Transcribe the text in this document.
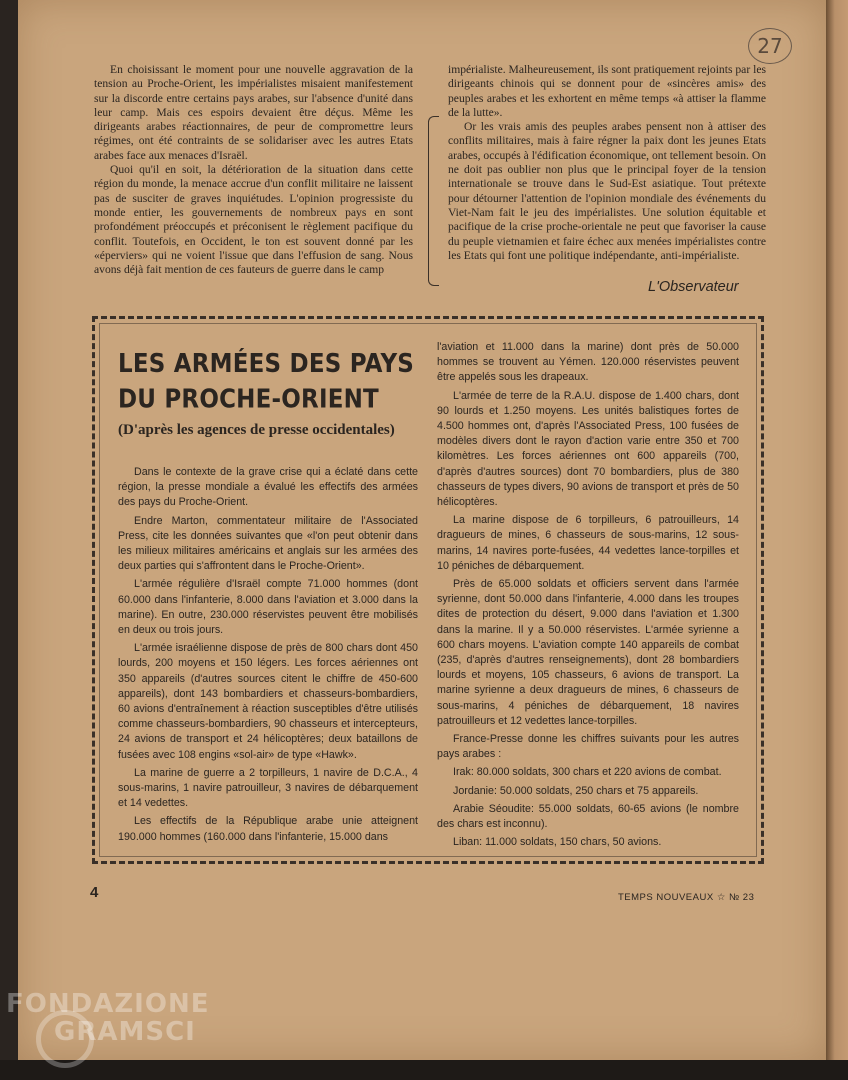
27

En choisissant le moment pour une nouvelle aggravation de la tension au Proche-Orient, les impérialistes misaient manifestement sur la discorde entre certains pays arabes, sur l'absence d'unité dans leur camp. Mais ces espoirs devaient être déçus. Même les dirigeants arabes réactionnaires, de peur de compromettre leurs régimes, ont été contraints de se solidariser avec les autres Etats arabes face aux menaces d'Israël.

Quoi qu'il en soit, la détérioration de la situation dans cette région du monde, la menace accrue d'un conflit militaire ne laissent pas de susciter de graves inquiétudes. L'opinion progressiste du monde entier, les gouvernements de nombreux pays en sont profondément préoccupés et préconisent le règlement pacifique du conflit. Toutefois, en Occident, le ton est souvent donné par les «éperviers» qui ne voient l'issue que dans l'effusion de sang. Nous avons déjà fait mention de ces fauteurs de guerre dans le camp

impérialiste. Malheureusement, ils sont pratiquement rejoints par les dirigeants chinois qui se donnent pour de «sincères amis» des peuples arabes et les exhortent en même temps «à attiser la flamme de la lutte».

Or les vrais amis des peuples arabes pensent non à attiser des conflits militaires, mais à faire régner la paix dont les jeunes Etats arabes, occupés à l'édification économique, ont tellement besoin. On ne doit pas oublier non plus que le principal foyer de la tension internationale se trouve dans le Sud-Est asiatique. Tout prétexte pour détourner l'attention de l'opinion mondiale des événements du Viet-Nam fait le jeu des impérialistes. Une solution équitable et pacifique de la crise proche-orientale ne peut que favoriser la cause du peuple vietnamien et faire échec aux menées impérialistes contre les Etats qui font une politique indépendante, anti-impérialiste.

L'Observateur
LES ARMÉES DES PAYS
DU PROCHE-ORIENT
(D'après les agences de presse occidentales)

Dans le contexte de la grave crise qui a éclaté dans cette région, la presse mondiale a évalué les effectifs des armées des pays du Proche-Orient.

Endre Marton, commentateur militaire de l'Associated Press, cite les données suivantes que «l'on peut obtenir dans les milieux militaires américains et anglais sur les armées des deux parties qui s'affrontent dans le Proche-Orient».

L'armée régulière d'Israël compte 71.000 hommes (dont 60.000 dans l'infanterie, 8.000 dans l'aviation et 3.000 dans la marine). En outre, 230.000 réservistes peuvent être mobilisés en deux ou trois jours.

L'armée israélienne dispose de près de 800 chars dont 450 lourds, 200 moyens et 150 légers. Les forces aériennes ont 350 appareils (d'autres sources citent le chiffre de 450-600 appareils), dont 143 bombardiers et chasseurs-bombardiers, 60 avions d'entraînement à réaction susceptibles d'être utilisés comme chasseurs-bombardiers, 90 chasseurs et intercepteurs, 24 avions de transport et 24 hélicoptères; deux bataillons de fusées avec 108 engins «sol-air» de type «Hawk».

La marine de guerre a 2 torpilleurs, 1 navire de D.C.A., 4 sous-marins, 1 navire patrouilleur, 3 navires de débarquement et 14 vedettes.

Les effectifs de la République arabe unie atteignent 190.000 hommes (160.000 dans l'infanterie, 15.000 dans

l'aviation et 11.000 dans la marine) dont près de 50.000 hommes se trouvent au Yémen. 120.000 réservistes peuvent être appelés sous les drapeaux.

L'armée de terre de la R.A.U. dispose de 1.400 chars, dont 90 lourds et 1.250 moyens. Les unités balistiques fortes de 4.500 hommes ont, d'après l'Associated Press, 100 fusées de modèles divers dont le rayon d'action varie entre 350 et 700 kilomètres. Les forces aériennes ont 600 appareils (700, d'après d'autres sources) dont 70 bombardiers, plus de 380 chasseurs de types divers, 90 avions de transport et près de 50 hélicoptères.

La marine dispose de 6 torpilleurs, 6 patrouilleurs, 14 dragueurs de mines, 6 chasseurs de sous-marins, 12 sous-marins, 14 navires porte-fusées, 44 vedettes lance-torpilles et 10 péniches de débarquement.

Près de 65.000 soldats et officiers servent dans l'armée syrienne, dont 50.000 dans l'infanterie, 4.000 dans les troupes dites de protection du désert, 9.000 dans l'aviation et 1.300 dans la marine. Il y a 50.000 réservistes. L'armée syrienne a 600 chars moyens. L'aviation compte 140 appareils de combat (235, d'après d'autres renseignements), dont 28 bombardiers lourds et moyens, 105 chasseurs, 6 avions de transport. La marine syrienne a deux dragueurs de mines, 6 chasseurs de sous-marins, 4 péniches de débarquement, 18 navires patrouilleurs et 12 vedettes lance-torpilles.

France-Presse donne les chiffres suivants pour les autres pays arabes :

Irak: 80.000 soldats, 300 chars et 220 avions de combat.

Jordanie: 50.000 soldats, 250 chars et 75 appareils.

Arabie Séoudite: 55.000 soldats, 60-65 avions (le nombre des chars est inconnu).

Liban: 11.000 soldats, 150 chars, 50 avions.

4	TEMPS NOUVEAUX ☆ № 23
FONDAZIONE
GRAMSCI
